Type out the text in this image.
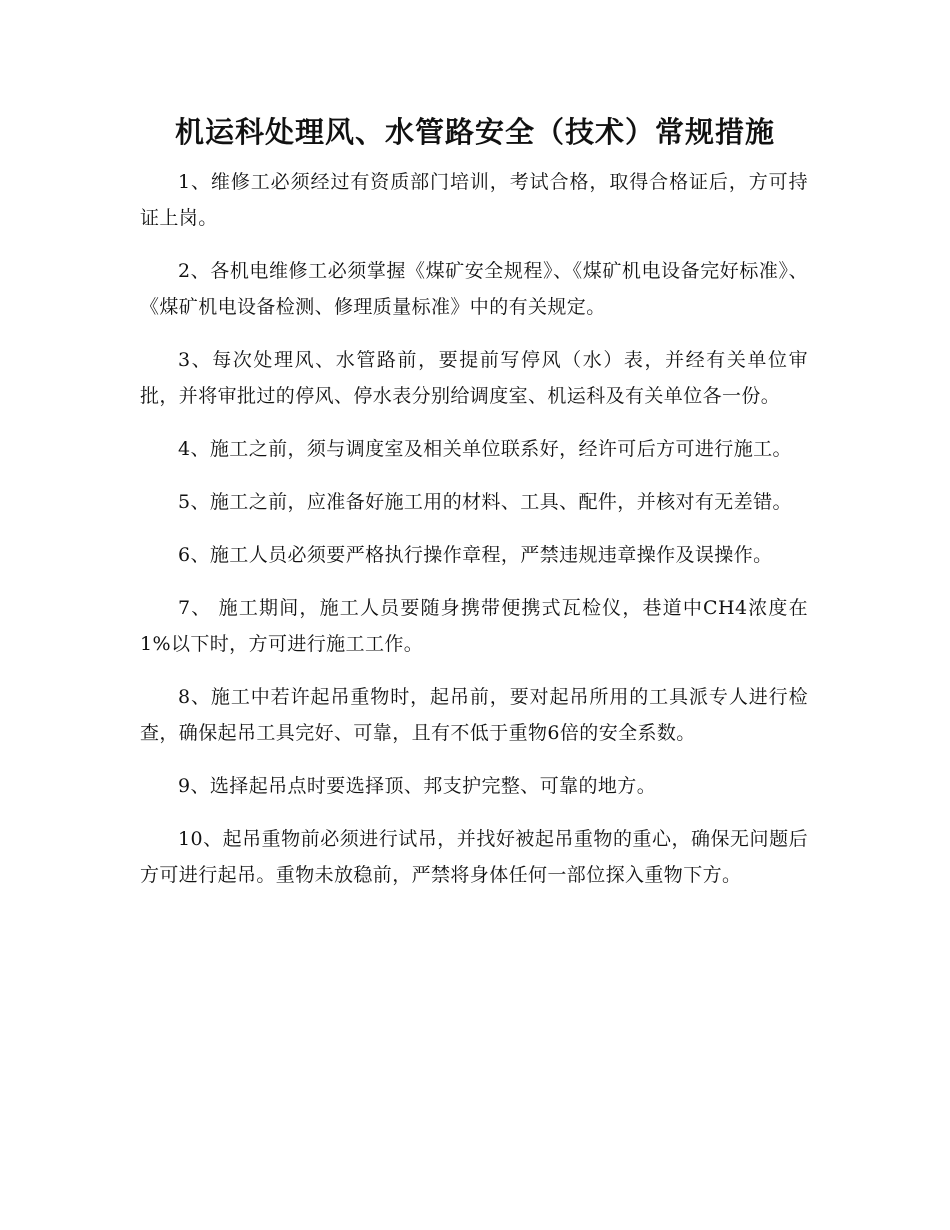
机运科处理风、水管路安全（技术）常规措施

1、维修工必须经过有资质部门培训，考试合格，取得合格证后，方可持证上岗。

2、各机电维修工必须掌握《煤矿安全规程》、《煤矿机电设备完好标准》、《煤矿机电设备检测、修理质量标准》中的有关规定。

3、每次处理风、水管路前，要提前写停风（水）表，并经有关单位审批，并将审批过的停风、停水表分别给调度室、机运科及有关单位各一份。

4、施工之前，须与调度室及相关单位联系好，经许可后方可进行施工。

5、施工之前，应准备好施工用的材料、工具、配件，并核对有无差错。

6、施工人员必须要严格执行操作章程，严禁违规违章操作及误操作。

7、 施工期间，施工人员要随身携带便携式瓦检仪，巷道中CH4浓度在1%以下时，方可进行施工工作。

8、施工中若许起吊重物时，起吊前，要对起吊所用的工具派专人进行检查，确保起吊工具完好、可靠，且有不低于重物6倍的安全系数。

9、选择起吊点时要选择顶、邦支护完整、可靠的地方。

10、起吊重物前必须进行试吊，并找好被起吊重物的重心，确保无问题后方可进行起吊。重物未放稳前，严禁将身体任何一部位探入重物下方。
